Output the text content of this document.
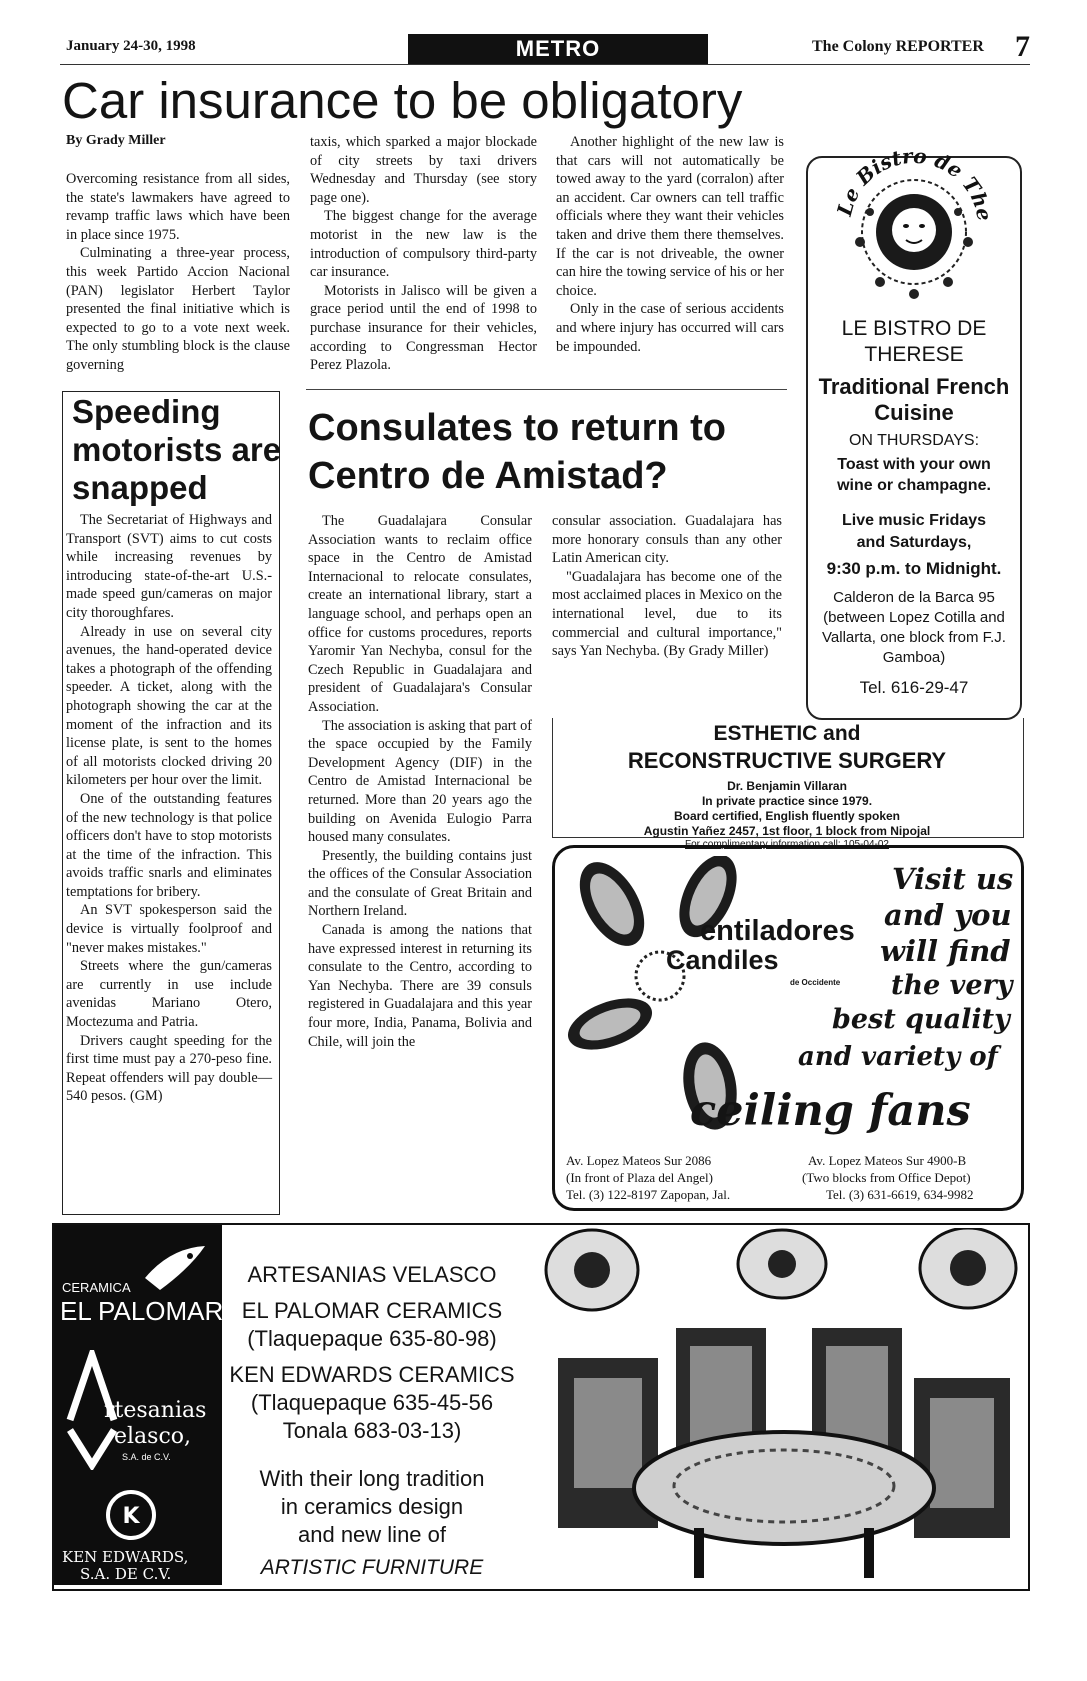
January 24-30, 1998	METRO	The Colony REPORTER 7
Car insurance to be obligatory
By Grady Miller

Overcoming resistance from all sides, the state's lawmakers have agreed to revamp traffic laws which have been in place since 1975.

Culminating a three-year process, this week Partido Accion Nacional (PAN) legislator Herbert Taylor presented the final initiative which is expected to go to a vote next week. The only stumbling block is the clause governing

taxis, which sparked a major blockade of city streets by taxi drivers Wednesday and Thursday (see story page one).

The biggest change for the average motorist in the new law is the introduction of compulsory third-party car insurance.

Motorists in Jalisco will be given a grace period until the end of 1998 to purchase insurance for their vehicles, according to Congressman Hector Perez Plazola.

Another highlight of the new law is that cars will not automatically be towed away to the yard (corralon) after an accident. Car owners can tell traffic officials where they want their vehicles taken and drive them there themselves. If the car is not driveable, the owner can hire the towing service of his or her choice.

Only in the case of serious accidents and where injury has occurred will cars be impounded.

Speeding motorists are snapped

The Secretariat of Highways and Transport (SVT) aims to cut costs while increasing revenues by introducing state-of-the-art U.S.-made speed gun/cameras on major city thoroughfares.

Already in use on several city avenues, the hand-operated device takes a photograph of the offending speeder. A ticket, along with the photograph showing the car at the moment of the infraction and its license plate, is sent to the homes of all motorists clocked driving 20 kilometers per hour over the limit.

One of the outstanding features of the new technology is that police officers don't have to stop motorists at the time of the infraction. This avoids traffic snarls and eliminates temptations for bribery.

An SVT spokesperson said the device is virtually foolproof and "never makes mistakes."

Streets where the gun/cameras are currently in use include avenidas Mariano Otero, Moctezuma and Patria.

Drivers caught speeding for the first time must pay a 270-peso fine. Repeat offenders will pay double— 540 pesos. (GM)

Consulates to return to Centro de Amistad?

The Guadalajara Consular Association wants to reclaim office space in the Centro de Amistad Internacional to relocate consulates, create an international library, start a language school, and perhaps open an office for customs procedures, reports Yaromir Yan Nechyba, consul for the Czech Republic in Guadalajara and president of Guadalajara's Consular Association.

The association is asking that part of the space occupied by the Family Development Agency (DIF) in the Centro de Amistad Internacional be returned. More than 20 years ago the building on Avenida Eulogio Parra housed many consulates.

Presently, the building contains just the offices of the Consular Association and the consulate of Great Britain and Northern Ireland.

Canada is among the nations that have expressed interest in returning its consulate to the Centro, according to Yan Nechyba. There are 39 consuls registered in Guadalajara and this year four more, India, Panama, Bolivia and Chile, will join the

consular association. Guadalajara has more honorary consuls than any other Latin American city.

"Guadalajara has become one of the most acclaimed places in Mexico on the international level, due to its commercial and cultural importance," says Yan Nechyba. (By Grady Miller)

Le Bistro de The
LE BISTRO DE THERESE
Traditional French Cuisine
ON THURSDAYS:
Toast with your own wine or champagne.
Live music Fridays and Saturdays,
9:30 p.m. to Midnight.
Calderon de la Barca 95 (between Lopez Cotilla and Vallarta, one block from F.J. Gamboa)
Tel. 616-29-47
ESTHETIC and
RECONSTRUCTIVE SURGERY
Dr. Benjamin Villaran
In private practice since 1979.
Board certified, English fluently spoken
Agustin Yañez 2457, 1st floor, 1 block from Nipojal
For complimentary information call: 105-04-02
entiladores
Candiles
de Occidente
Visit us
and you
will find
the very
best quality
and variety of
ceiling fans
Av. Lopez Mateos Sur 2086
(In front of Plaza del Angel)
Tel. (3) 122-8197 Zapopan, Jal.
Av. Lopez Mateos Sur 4900-B
(Two blocks from Office Depot)
Tel. (3) 631-6619, 634-9982
CERAMICA
EL PALOMAR
rtesanias
elasco,
S.A. de C.V.
K
KEN EDWARDS,
S.A. DE C.V.
ARTESANIAS VELASCO
EL PALOMAR CERAMICS
(Tlaquepaque 635-80-98)
KEN EDWARDS CERAMICS
(Tlaquepaque 635-45-56
Tonala 683-03-13)
With their long tradition
in ceramics design
and new line of
ARTISTIC FURNITURE
